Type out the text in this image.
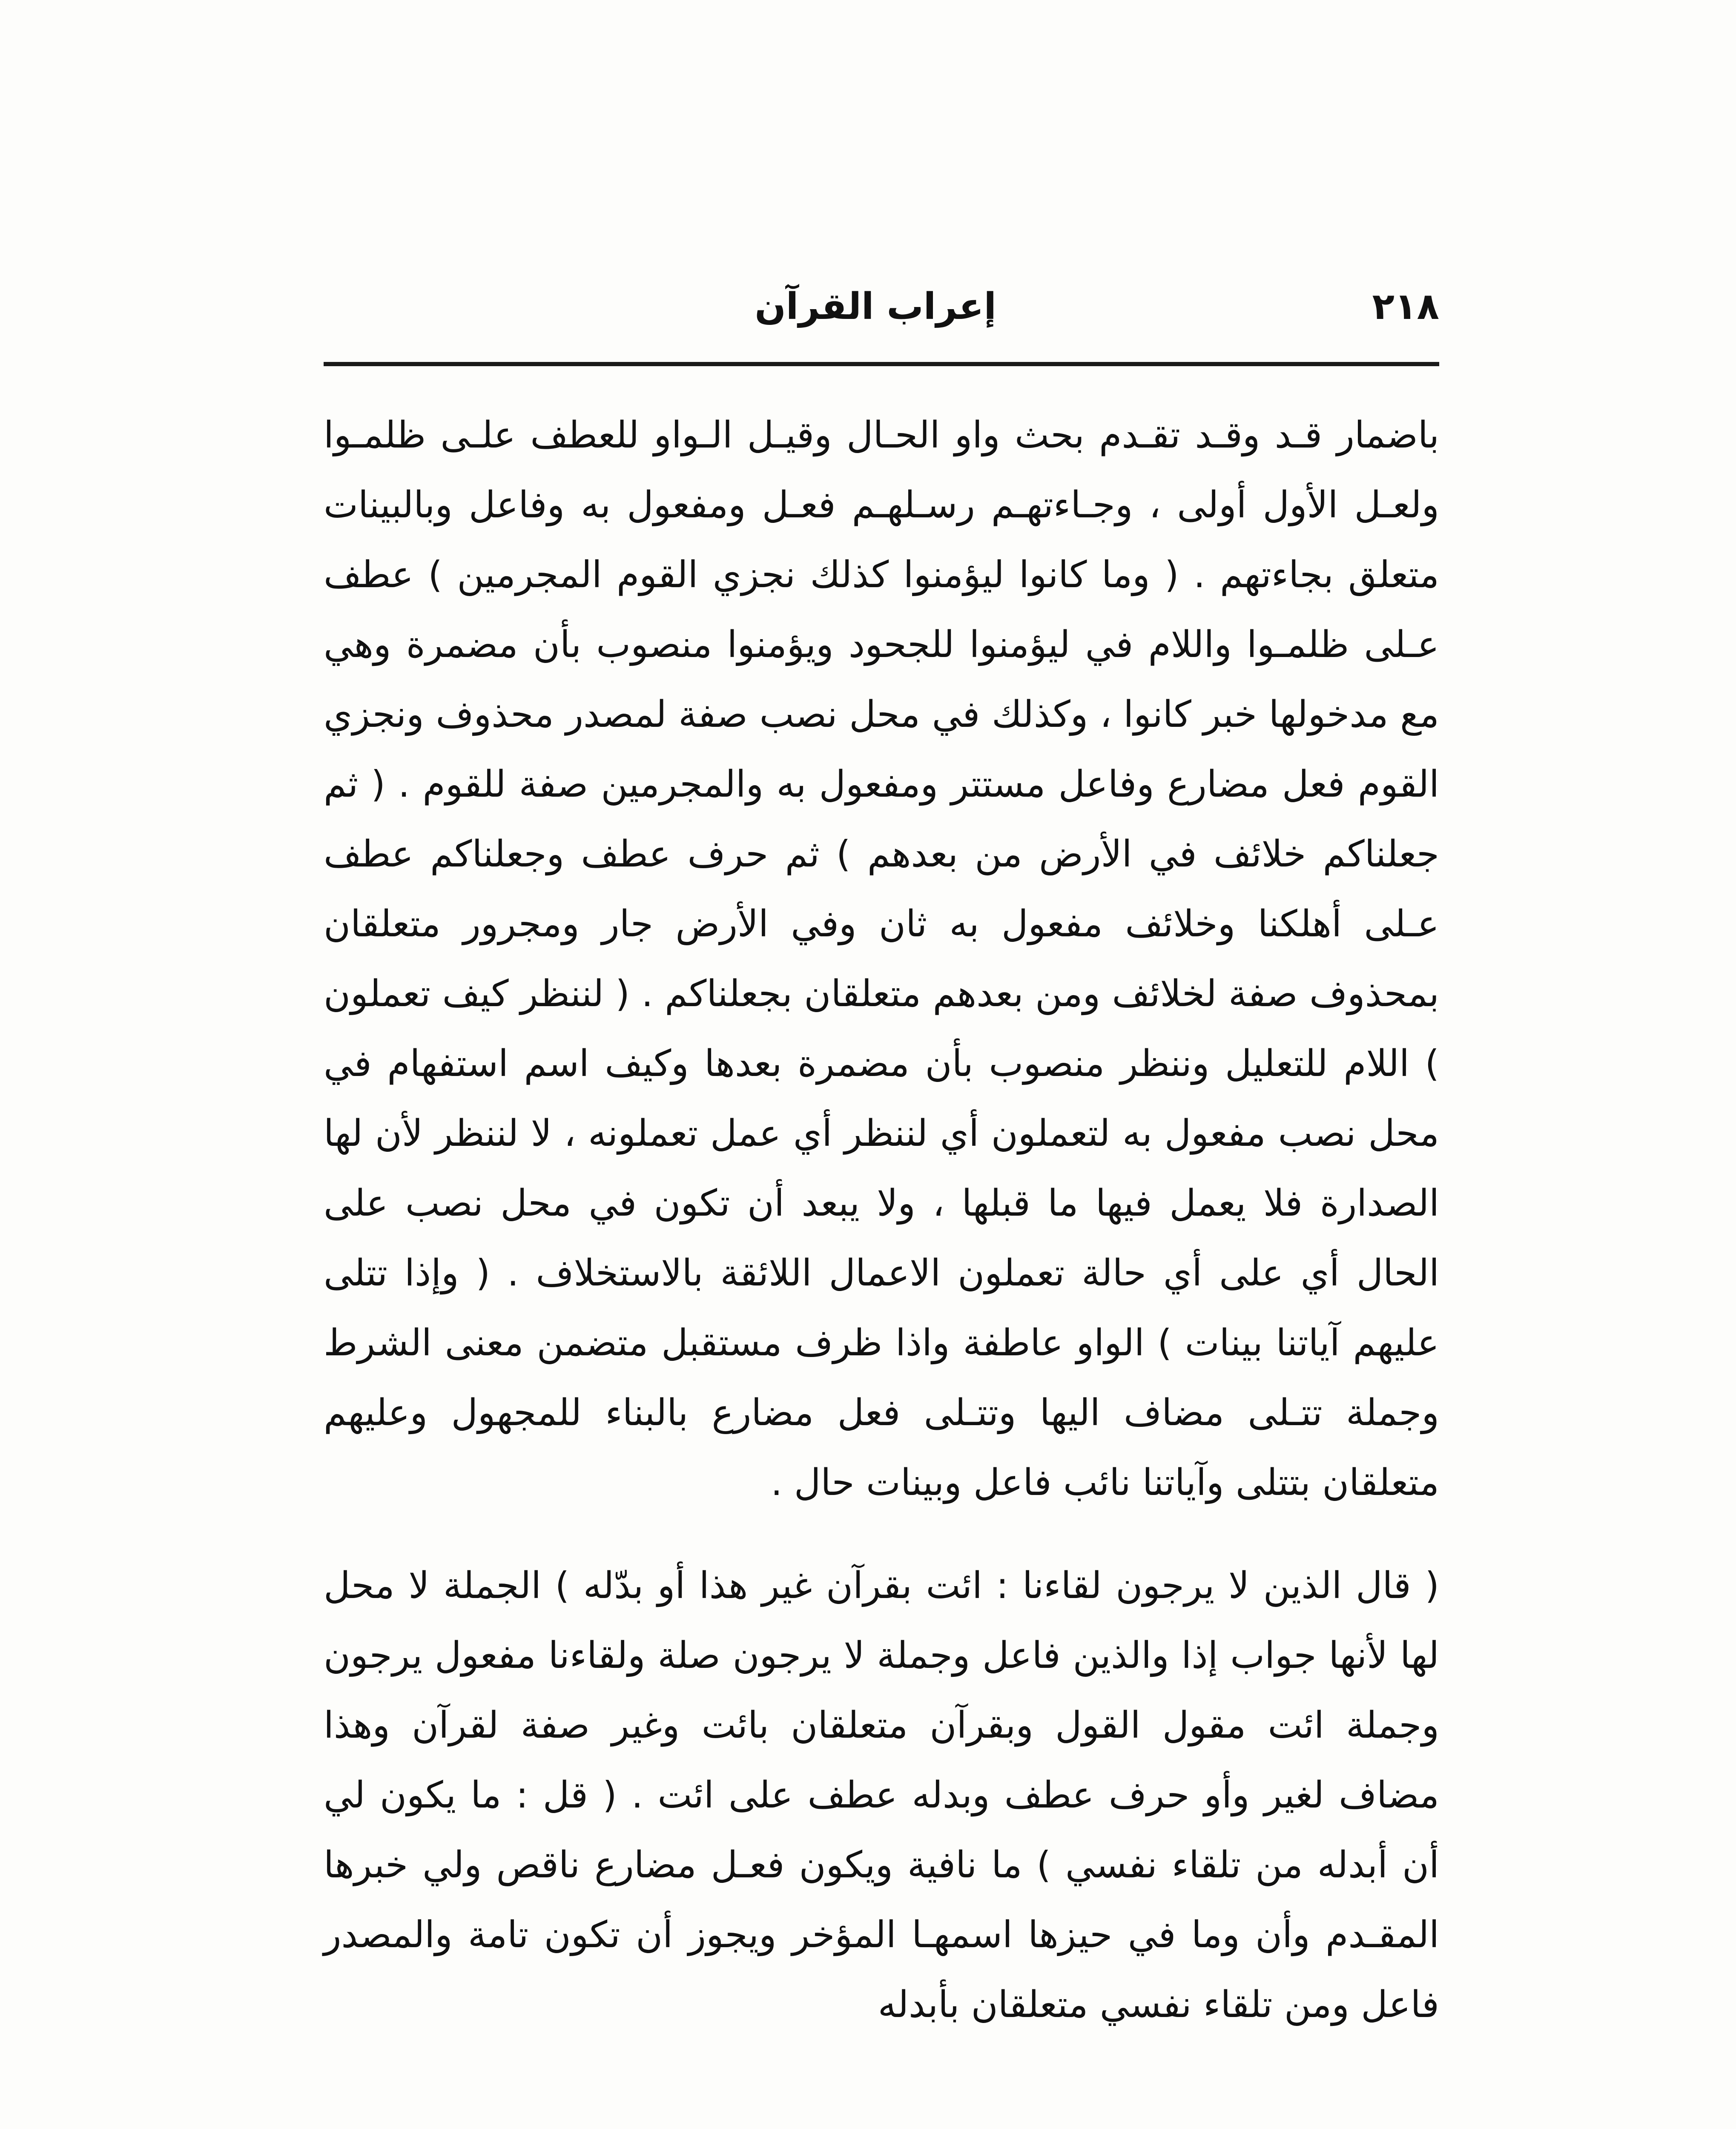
٢١٨
إعراب القرآن

باضمار قـد وقـد تقـدم بحث واو الحـال وقيـل الـواو للعطف علـى ظلمـوا ولعـل الأول أولى ، وجـاءتهـم رسـلهـم فعـل ومفعول به وفاعل وبالبينات متعلق بجاءتهم . ( وما كانوا ليؤمنوا كذلك نجزي القوم المجرمين ) عطف عـلى ظلمـوا واللام في ليؤمنوا للجحود ويؤمنوا منصوب بأن مضمرة وهي مع مدخولها خبر كانوا ، وكذلك في محل نصب صفة لمصدر محذوف ونجزي القوم فعل مضارع وفاعل مستتر ومفعول به والمجرمين صفة للقوم . ( ثم جعلناكم خلائف في الأرض من بعدهم ) ثم حرف عطف وجعلناكم عطف عـلى أهلكنا وخلائف مفعول به ثان وفي الأرض جار ومجرور متعلقان بمحذوف صفة لخلائف ومن بعدهم متعلقان بجعلناكم . ( لننظر كيف تعملون ) اللام للتعليل وننظر منصوب بأن مضمرة بعدها وكيف اسم استفهام في محل نصب مفعول به لتعملون أي لننظر أي عمل تعملونه ، لا لننظر لأن لها الصدارة فلا يعمل فيها ما قبلها ، ولا يبعد أن تكون في محل نصب على الحال أي على أي حالة تعملون الاعمال اللائقة بالاستخلاف . ( وإذا تتلى عليهم آياتنا بينات ) الواو عاطفة واذا ظرف مستقبل متضمن معنى الشرط وجملة تتـلى مضاف اليها وتتـلى فعل مضارع بالبناء للمجهول وعليهم متعلقان بتتلى وآياتنا نائب فاعل وبينات حال .

( قال الذين لا يرجون لقاءنا : ائت بقرآن غير هذا أو بدّله ) الجملة لا محل لها لأنها جواب إذا والذين فاعل وجملة لا يرجون صلة ولقاءنا مفعول يرجون وجملة ائت مقول القول وبقرآن متعلقان بائت وغير صفة لقرآن وهذا مضاف لغير وأو حرف عطف وبدله عطف على ائت . ( قل : ما يكون لي أن أبدله من تلقاء نفسي ) ما نافية ويكون فعـل مضارع ناقص ولي خبرها المقـدم وأن وما في حيزها اسمهـا المؤخر ويجوز أن تكون تامة والمصدر فاعل ومن تلقاء نفسي متعلقان بأبدله
